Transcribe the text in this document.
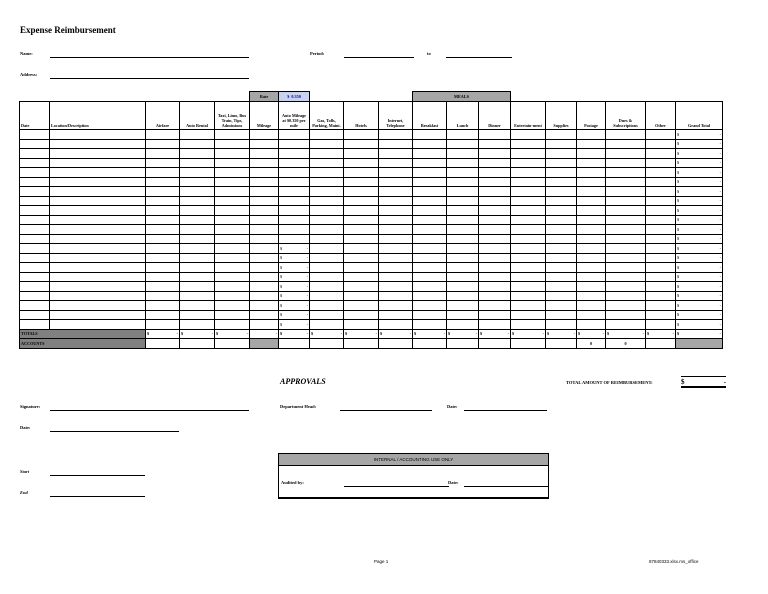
Expense Reimbursement
Name:	Period:	to
Address:
					Rate	$ 0.350				MEALS								
Date	Location/Description	Airfare	Auto Rental	Taxi, Limo, Bus Train, Tips, Admissions	Mileage	Auto Mileage at $0.350 per mile	Gas, Tolls, Parking, Maint.	Hotels	Internet, Telephone	Breakfast	Lunch	Dinner	Entertain-ment	Supplies	Postage	Dues & Subscriptions	Other	Grand Total

																		$ -

																		$ -

																		$ -

																		$ -

																		$ -

																		$ -

																		$ -

																		$ -

																		$ -

																		$ -

																		$ -

																		$ -

						$ -												$ -

						$ -												$ -

						$ -												$ -

						$ -												$ -

						$ -												$ -

						$ -												$ -

						$ -												$ -

						$ -												$ -

						$ -												$ -

TOTALS		$ -	$ -	$ -	-	$ -	$ -	$ -	$ -	$ -	$ -	$ -	$ -	$ -	$ -	$ -	$ -	$ -

ACCOUNTS															0	0		
APPROVALS	TOTAL AMOUNT OF REIMBURSEMENT:	$	-
Signature:	Department Head:	Date:
Date:
Start
End
INTERNAL / ACCOUNTING USE ONLY
Audited by:	Date:
Page 1	87840333.xlsx.ms_office
